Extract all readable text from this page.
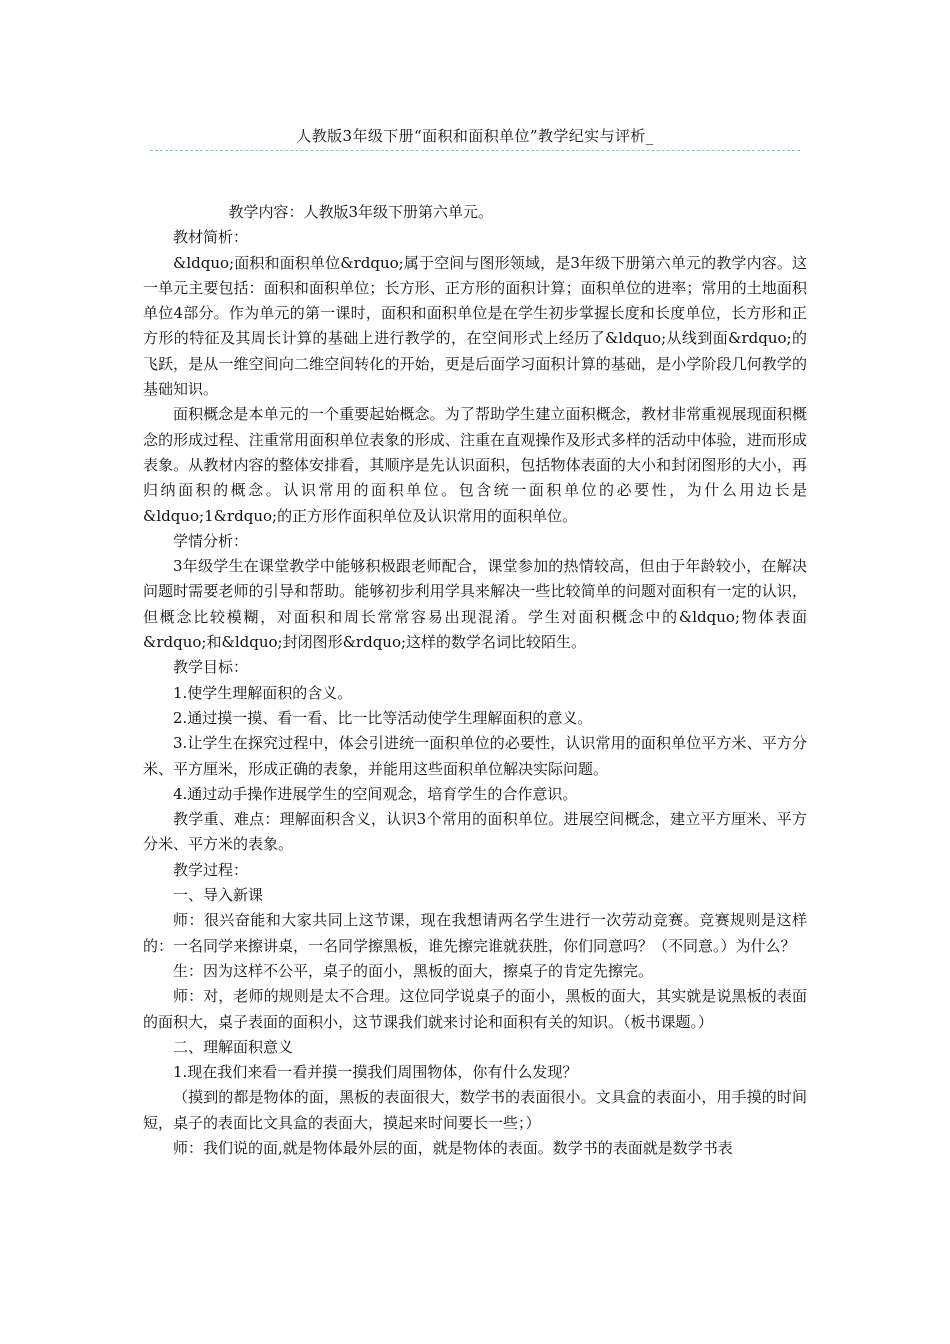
人教版3年级下册“面积和面积单位”教学纪实与评析_

教学内容：人教版3年级下册第六单元。

教材简析：

&ldquo;面积和面积单位&rdquo;属于空间与图形领域，是3年级下册第六单元的教学内容。这一单元主要包括：面积和面积单位；长方形、正方形的面积计算；面积单位的进率；常用的土地面积单位4部分。作为单元的第一课时，面积和面积单位是在学生初步掌握长度和长度单位，长方形和正方形的特征及其周长计算的基础上进行教学的，在空间形式上经历了&ldquo;从线到面&rdquo;的飞跃，是从一维空间向二维空间转化的开始，更是后面学习面积计算的基础，是小学阶段几何教学的基础知识。

面积概念是本单元的一个重要起始概念。为了帮助学生建立面积概念，教材非常重视展现面积概念的形成过程、注重常用面积单位表象的形成、注重在直观操作及形式多样的活动中体验，进而形成表象。从教材内容的整体安排看，其顺序是先认识面积，包括物体表面的大小和封闭图形的大小，再归纳面积的概念。认识常用的面积单位。包含统一面积单位的必要性，为什么用边长是&ldquo;1&rdquo;的正方形作面积单位及认识常用的面积单位。

学情分析：

3年级学生在课堂教学中能够积极跟老师配合，课堂参加的热情较高，但由于年龄较小，在解决问题时需要老师的引导和帮助。能够初步利用学具来解决一些比较简单的问题对面积有一定的认识，但概念比较模糊，对面积和周长常常容易出现混淆。学生对面积概念中的&ldquo;物体表面&rdquo;和&ldquo;封闭图形&rdquo;这样的数学名词比较陌生。

教学目标：

1.使学生理解面积的含义。

2.通过摸一摸、看一看、比一比等活动使学生理解面积的意义。

3.让学生在探究过程中，体会引进统一面积单位的必要性，认识常用的面积单位平方米、平方分米、平方厘米，形成正确的表象，并能用这些面积单位解决实际问题。

4.通过动手操作进展学生的空间观念，培育学生的合作意识。

教学重、难点：理解面积含义，认识3个常用的面积单位。进展空间概念，建立平方厘米、平方分米、平方米的表象。

教学过程：

一、导入新课

师：很兴奋能和大家共同上这节课，现在我想请两名学生进行一次劳动竞赛。竞赛规则是这样的：一名同学来擦讲桌，一名同学擦黑板，谁先擦完谁就获胜，你们同意吗？（不同意。）为什么？

生：因为这样不公平，桌子的面小，黑板的面大，擦桌子的肯定先擦完。

师：对，老师的规则是太不合理。这位同学说桌子的面小，黑板的面大，其实就是说黑板的表面的面积大，桌子表面的面积小，这节课我们就来讨论和面积有关的知识。（板书课题。）

二、理解面积意义

1.现在我们来看一看并摸一摸我们周围物体，你有什么发现？

（摸到的都是物体的面，黑板的表面很大，数学书的表面很小。文具盒的表面小，用手摸的时间短，桌子的表面比文具盒的表面大，摸起来时间要长一些；）

师：我们说的面,就是物体最外层的面，就是物体的表面。数学书的表面就是数学书表
